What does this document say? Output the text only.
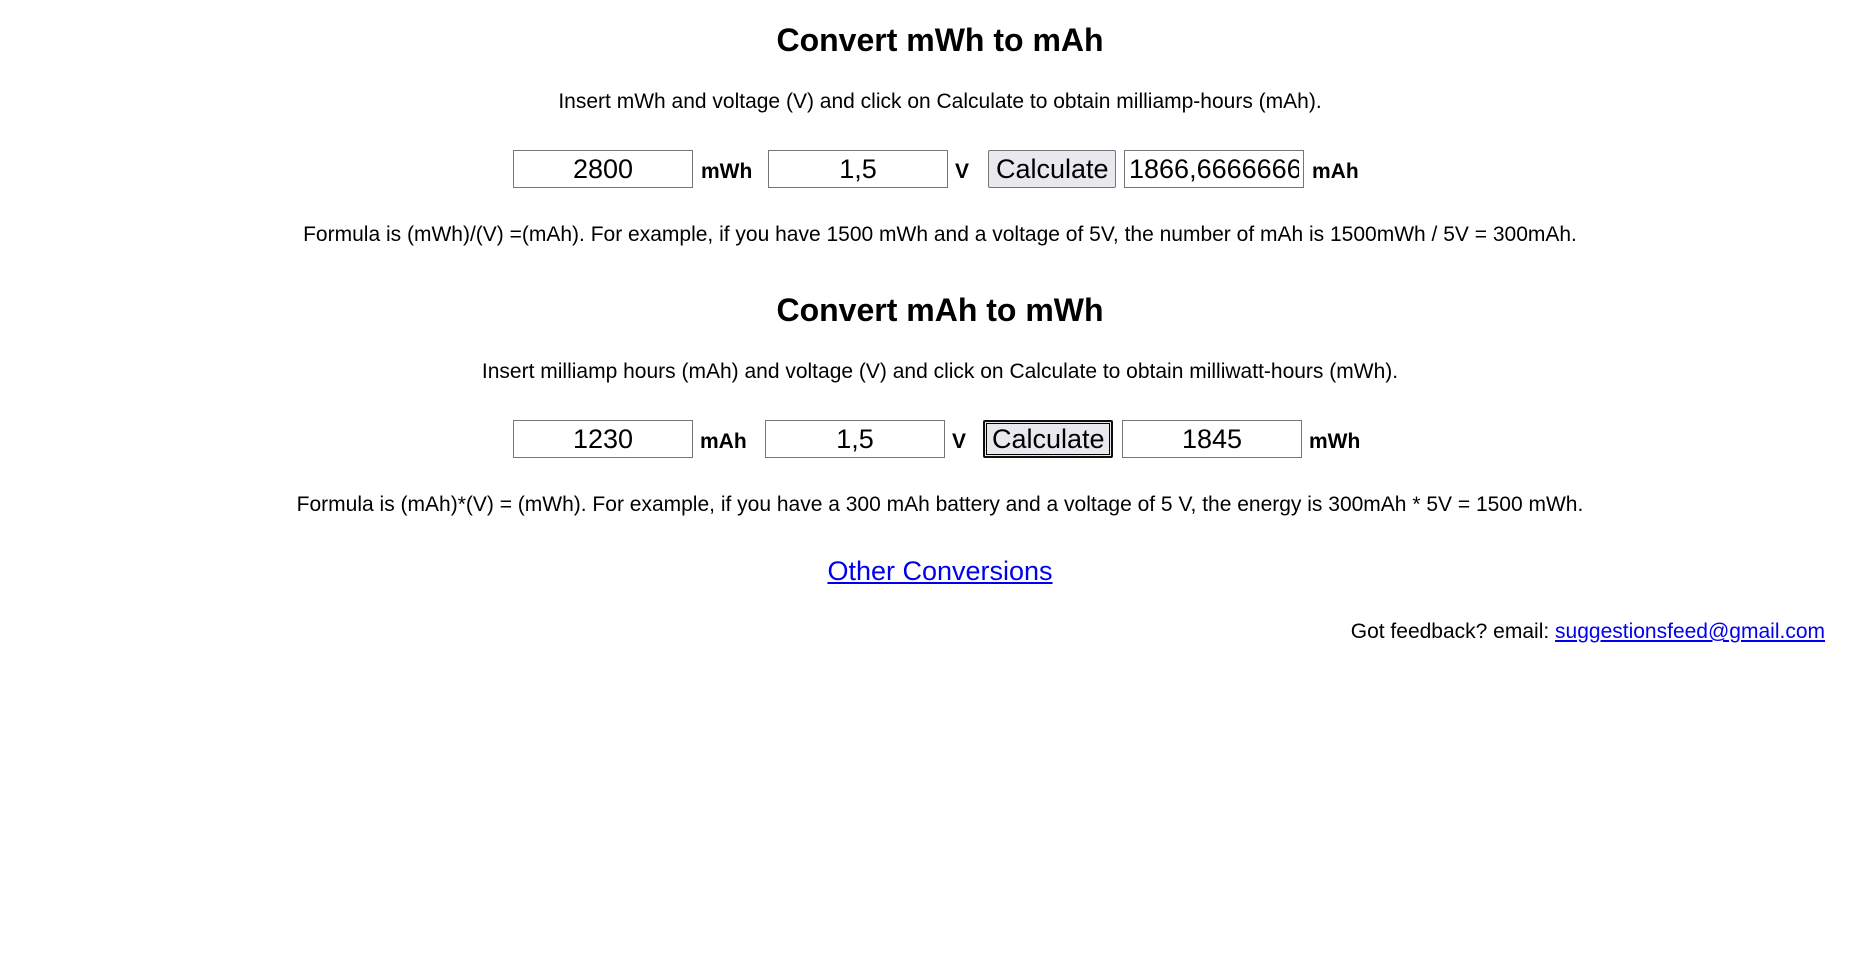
Convert mWh to mAh

Insert mWh and voltage (V) and click on Calculate to obtain milliamp-hours (mAh).

2800
mWh
1,5	V Calculate
1866,6666666	mAh

Formula is (mWh)/(V) =(mAh). For example, if you have 1500 mWh and a voltage of 5V, the number of mAh is 1500mWh / 5V = 300mAh.

Convert mAh to mWh

Insert milliamp hours (mAh) and voltage (V) and click on Calculate to obtain milliwatt-hours (mWh).

1230
mAh
1,5	V Calculate
1845	mWh

Formula is (mAh)*(V) = (mWh). For example, if you have a 300 mAh battery and a voltage of 5 V, the energy is 300mAh * 5V = 1500 mWh.

Other Conversions
Got feedback? email: suggestionsfeed@gmail.com
